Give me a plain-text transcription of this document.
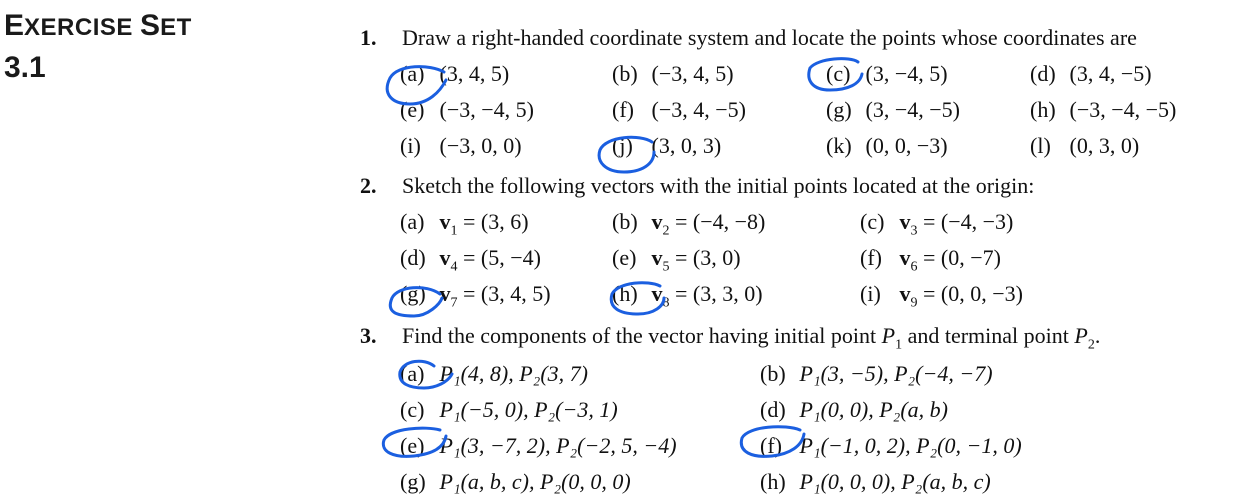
EXERCISE SET
3.1
1. Draw a right-handed coordinate system and locate the points whose coordinates are
(a) (3, 4, 5)	(b) (−3, 4, 5)	(c) (3, −4, 5)	(d) (3, 4, −5)
(e) (−3, −4, 5)	(f) (−3, 4, −5)	(g) (3, −4, −5)	(h) (−3, −4, −5)
(i) (−3, 0, 0)	(j) (3, 0, 3)	(k) (0, 0, −3)	(l) (0, 3, 0)
2. Sketch the following vectors with the initial points located at the origin:
(a) $v_1 = (3$, 6)	(b) $v_2 = (-4$, −8)	(c) $v_3 = (-4$, −3)
(d) $v_4 = (5$, −4)	(e) $v_5 = (3$, 0)	(f) $v_6 = (0$, −7)
(g) $v_7 = (3$, 4, 5)	(h) $v_8 = (3$, 3, 0)	(i) $v_9 = (0$, 0, −3)
3. Find the components of the vector having initial point $P_1$ and terminal point $P_2$.
(a) P₁(4, 8), P₂(3, 7)	(b) P₁(3, −5), P₂(−4, −7)
(c) P₁(−5, 0), P₂(−3, 1)	(d) P₁(0, 0), P₂(a, b)
(e) P₁(3, −7, 2), P₂(−2, 5, −4)	(f) P₁(−1, 0, 2), P₂(0, −1, 0)
(g) P₁(a, b, c), P₂(0, 0, 0)	(h) P₁(0, 0, 0), P₂(a, b, c)
